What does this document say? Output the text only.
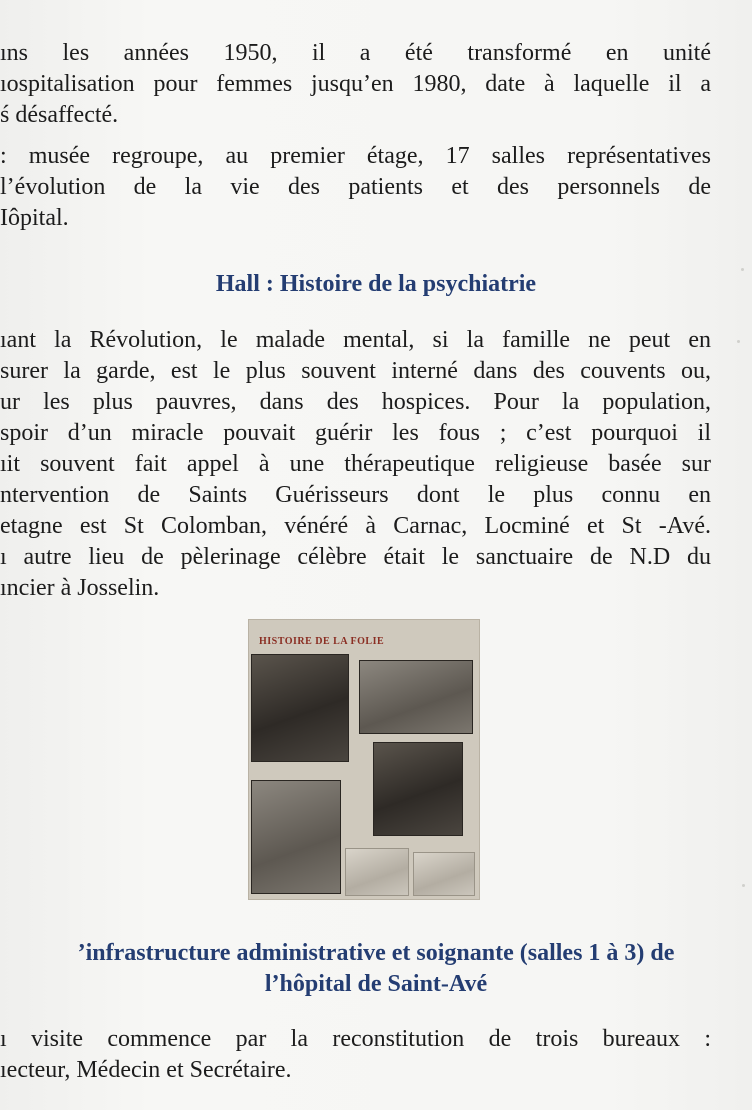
ıns les années 1950, il a été transformé en unité
ıospitalisation pour femmes jusqu’en 1980, date à laquelle il a
ś désaffecté.
: musée regroupe, au premier étage, 17 salles représentatives
l’évolution de la vie des patients et des personnels de
Iôpital.
Hall : Histoire de la psychiatrie
ıant la Révolution, le malade mental, si la famille ne peut en
surer la garde, est le plus souvent interné dans des couvents ou,
ur les plus pauvres, dans des hospices. Pour la population,
spoir d’un miracle pouvait guérir les fous ; c’est pourquoi il
ıit souvent fait appel à une thérapeutique religieuse basée sur
ntervention de Saints Guérisseurs dont le plus connu en
etagne est St Colomban, vénéré à Carnac, Locminé et St -Avé.
ı autre lieu de pèlerinage célèbre était le sanctuaire de N.D du
ıncier à Josselin.
HISTOIRE DE LA FOLIE
’infrastructure administrative et soignante (salles 1 à 3) de
l’hôpital de Saint-Avé
ı visite commence par la reconstitution de trois bureaux :
ıecteur, Médecin et Secrétaire.
